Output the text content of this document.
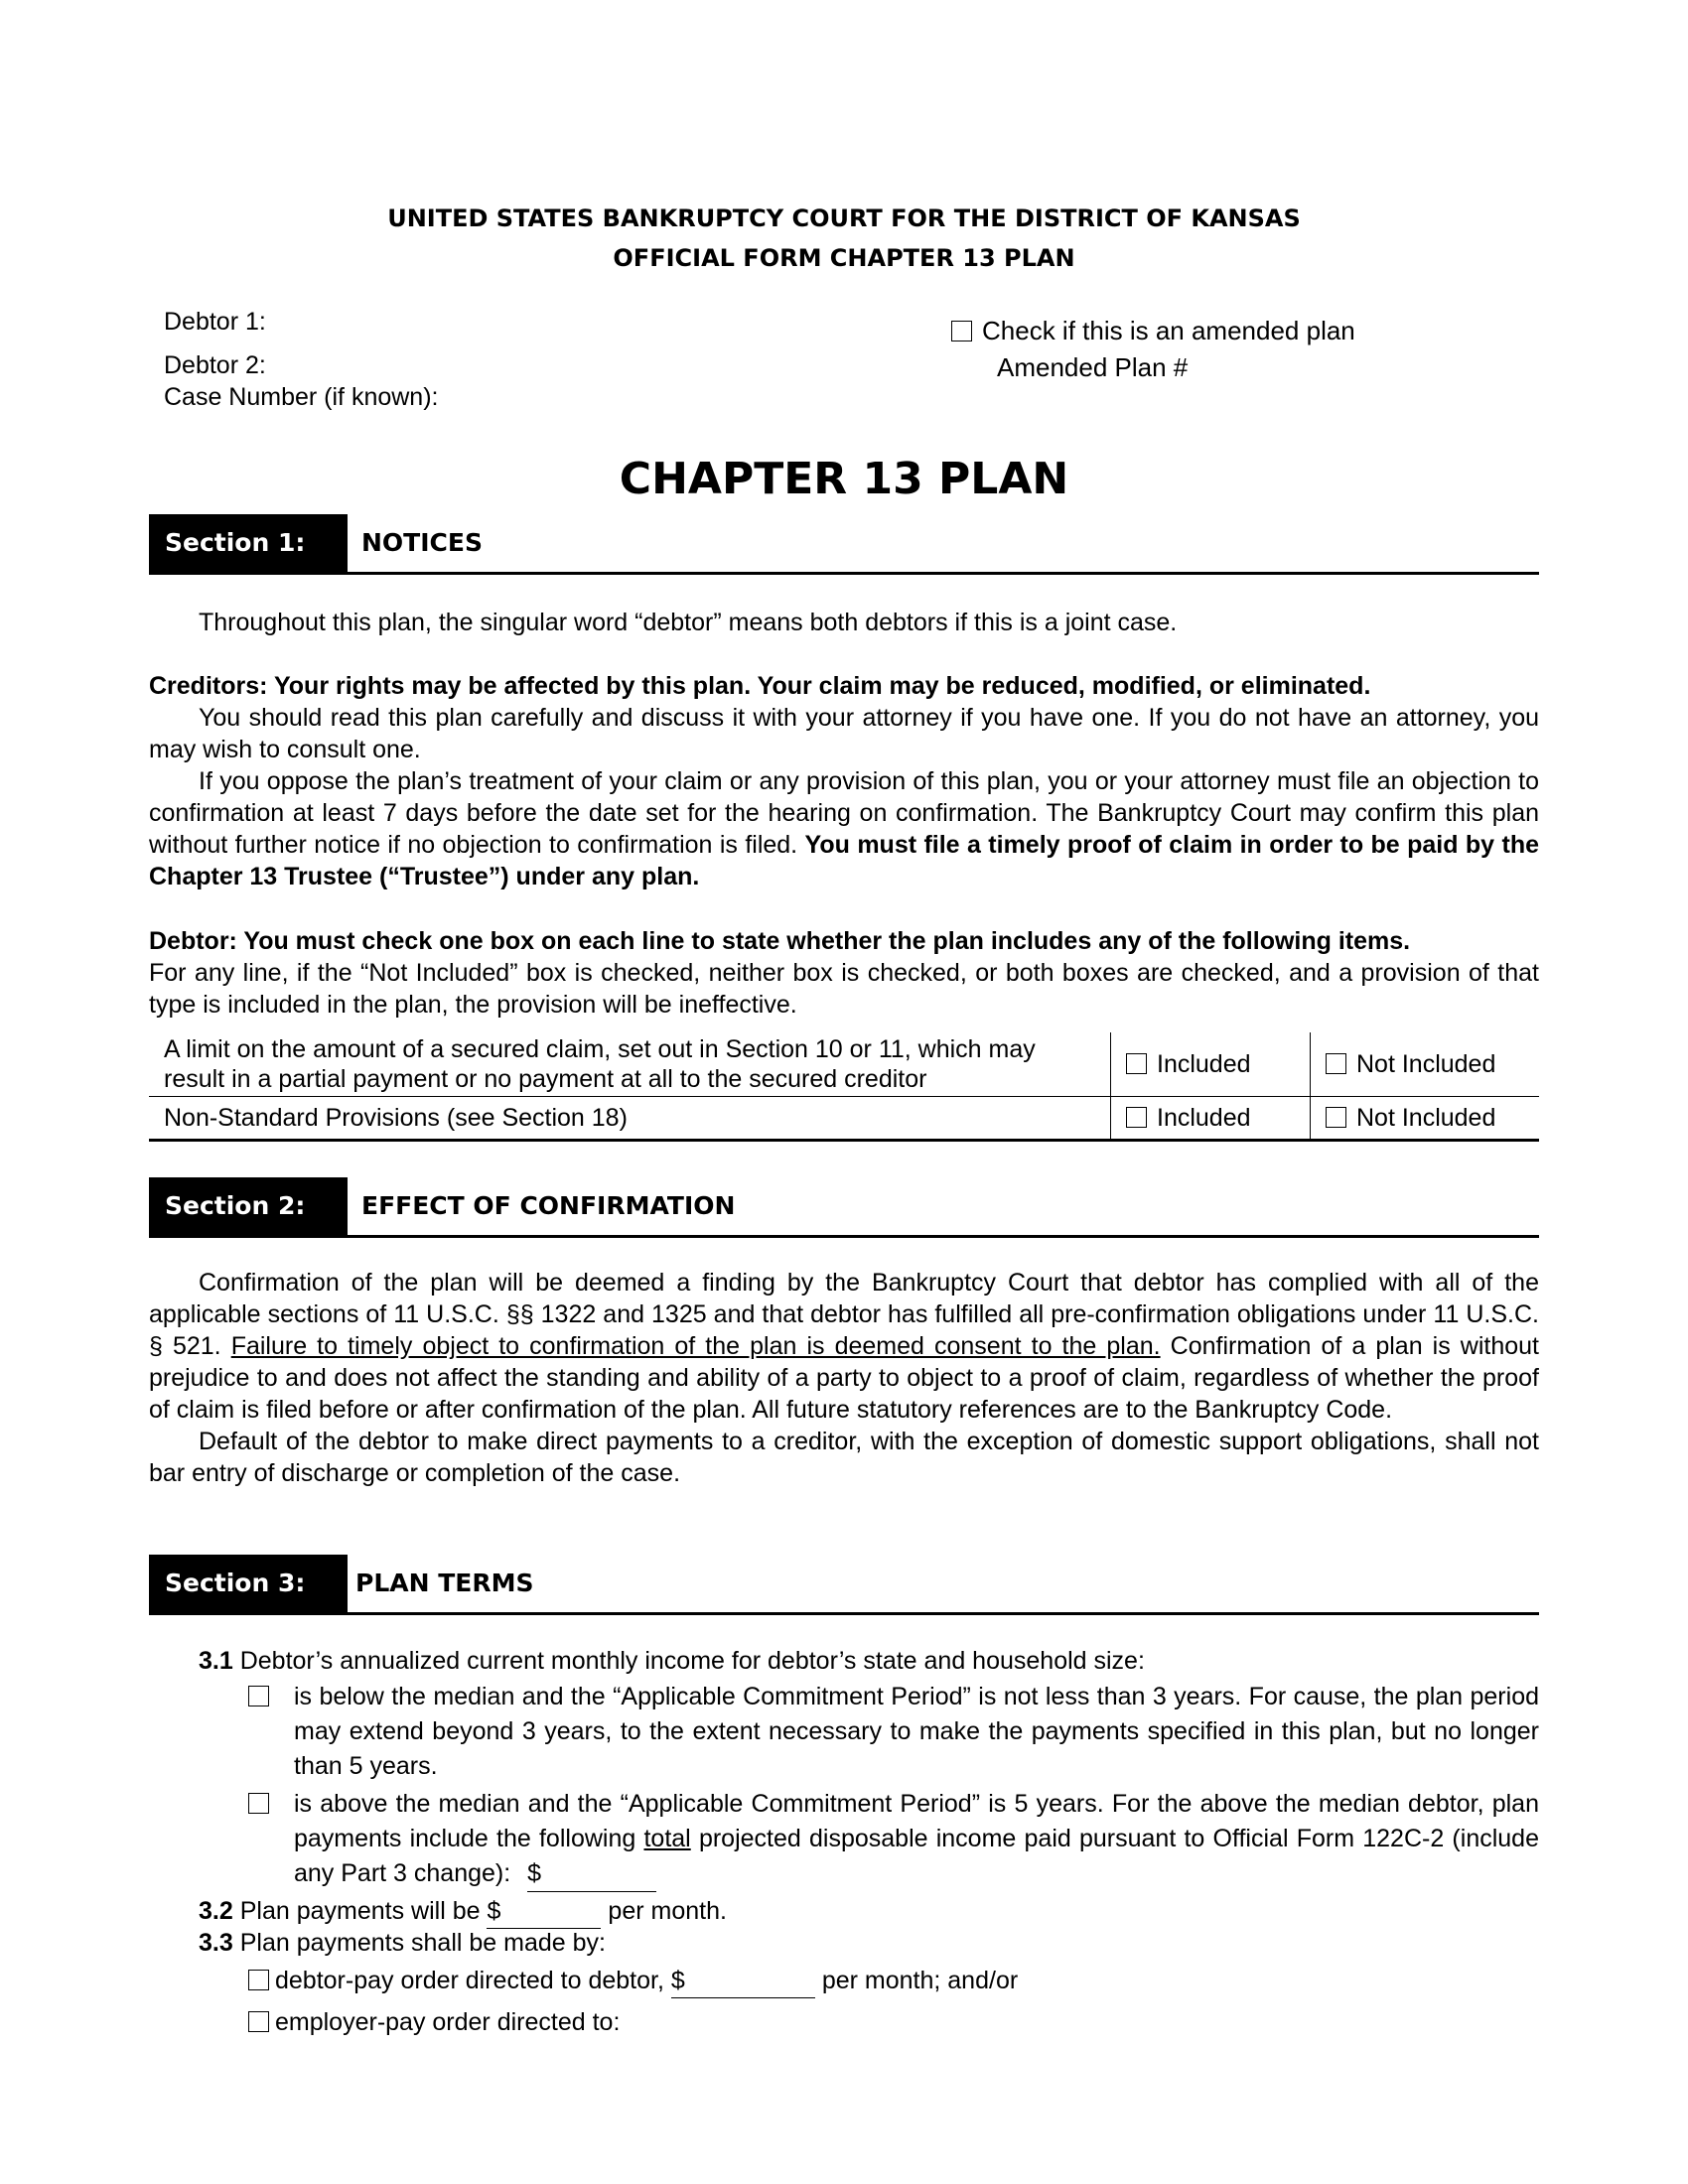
UNITED STATES BANKRUPTCY COURT FOR THE DISTRICT OF KANSAS
OFFICIAL FORM CHAPTER 13 PLAN
Debtor 1:
Debtor 2:
Case Number (if known):
Check if this is an amended plan
Amended Plan #
CHAPTER 13 PLAN
Section 1:	NOTICES

Throughout this plan, the singular word “debtor” means both debtors if this is a joint case.

Creditors: Your rights may be affected by this plan. Your claim may be reduced, modified, or eliminated.

You should read this plan carefully and discuss it with your attorney if you have one. If you do not have an attorney, you may wish to consult one.

If you oppose the plan’s treatment of your claim or any provision of this plan, you or your attorney must file an objection to confirmation at least 7 days before the date set for the hearing on confirmation. The Bankruptcy Court may confirm this plan without further notice if no objection to confirmation is filed. You must file a timely proof of claim in order to be paid by the Chapter 13 Trustee (“Trustee”) under any plan.

Debtor: You must check one box on each line to state whether the plan includes any of the following items.

For any line, if the “Not Included” box is checked, neither box is checked, or both boxes are checked, and a provision of that type is included in the plan, the provision will be ineffective.

A limit on the amount of a secured claim, set out in Section 10 or 11, which may result in a partial payment or no payment at all to the secured creditor	Included	Not Included
Non-Standard Provisions (see Section 18)	Included	Not Included
Section 2:	EFFECT OF CONFIRMATION

Confirmation of the plan will be deemed a finding by the Bankruptcy Court that debtor has complied with all of the applicable sections of 11 U.S.C. §§ 1322 and 1325 and that debtor has fulfilled all pre-confirmation obligations under 11 U.S.C. § 521. Failure to timely object to confirmation of the plan is deemed consent to the plan. Confirmation of a plan is without prejudice to and does not affect the standing and ability of a party to object to a proof of claim, regardless of whether the proof of claim is filed before or after confirmation of the plan. All future statutory references are to the Bankruptcy Code.

Default of the debtor to make direct payments to a creditor, with the exception of domestic support obligations, shall not bar entry of discharge or completion of the case.

Section 3:	PLAN TERMS
3.1 Debtor’s annualized current monthly income for debtor’s state and household size:
is below the median and the “Applicable Commitment Period” is not less than 3 years. For cause, the plan period may extend beyond 3 years, to the extent necessary to make the payments specified in this plan, but no longer than 5 years.
is above the median and the “Applicable Commitment Period” is 5 years. For the above the median debtor, plan payments include the following total projected disposable income paid pursuant to Official Form 122C-2 (include any Part 3 change): $
3.2 Plan payments will be $	per month.
3.3 Plan payments shall be made by:
debtor-pay order directed to debtor, $	per month; and/or
employer-pay order directed to:
